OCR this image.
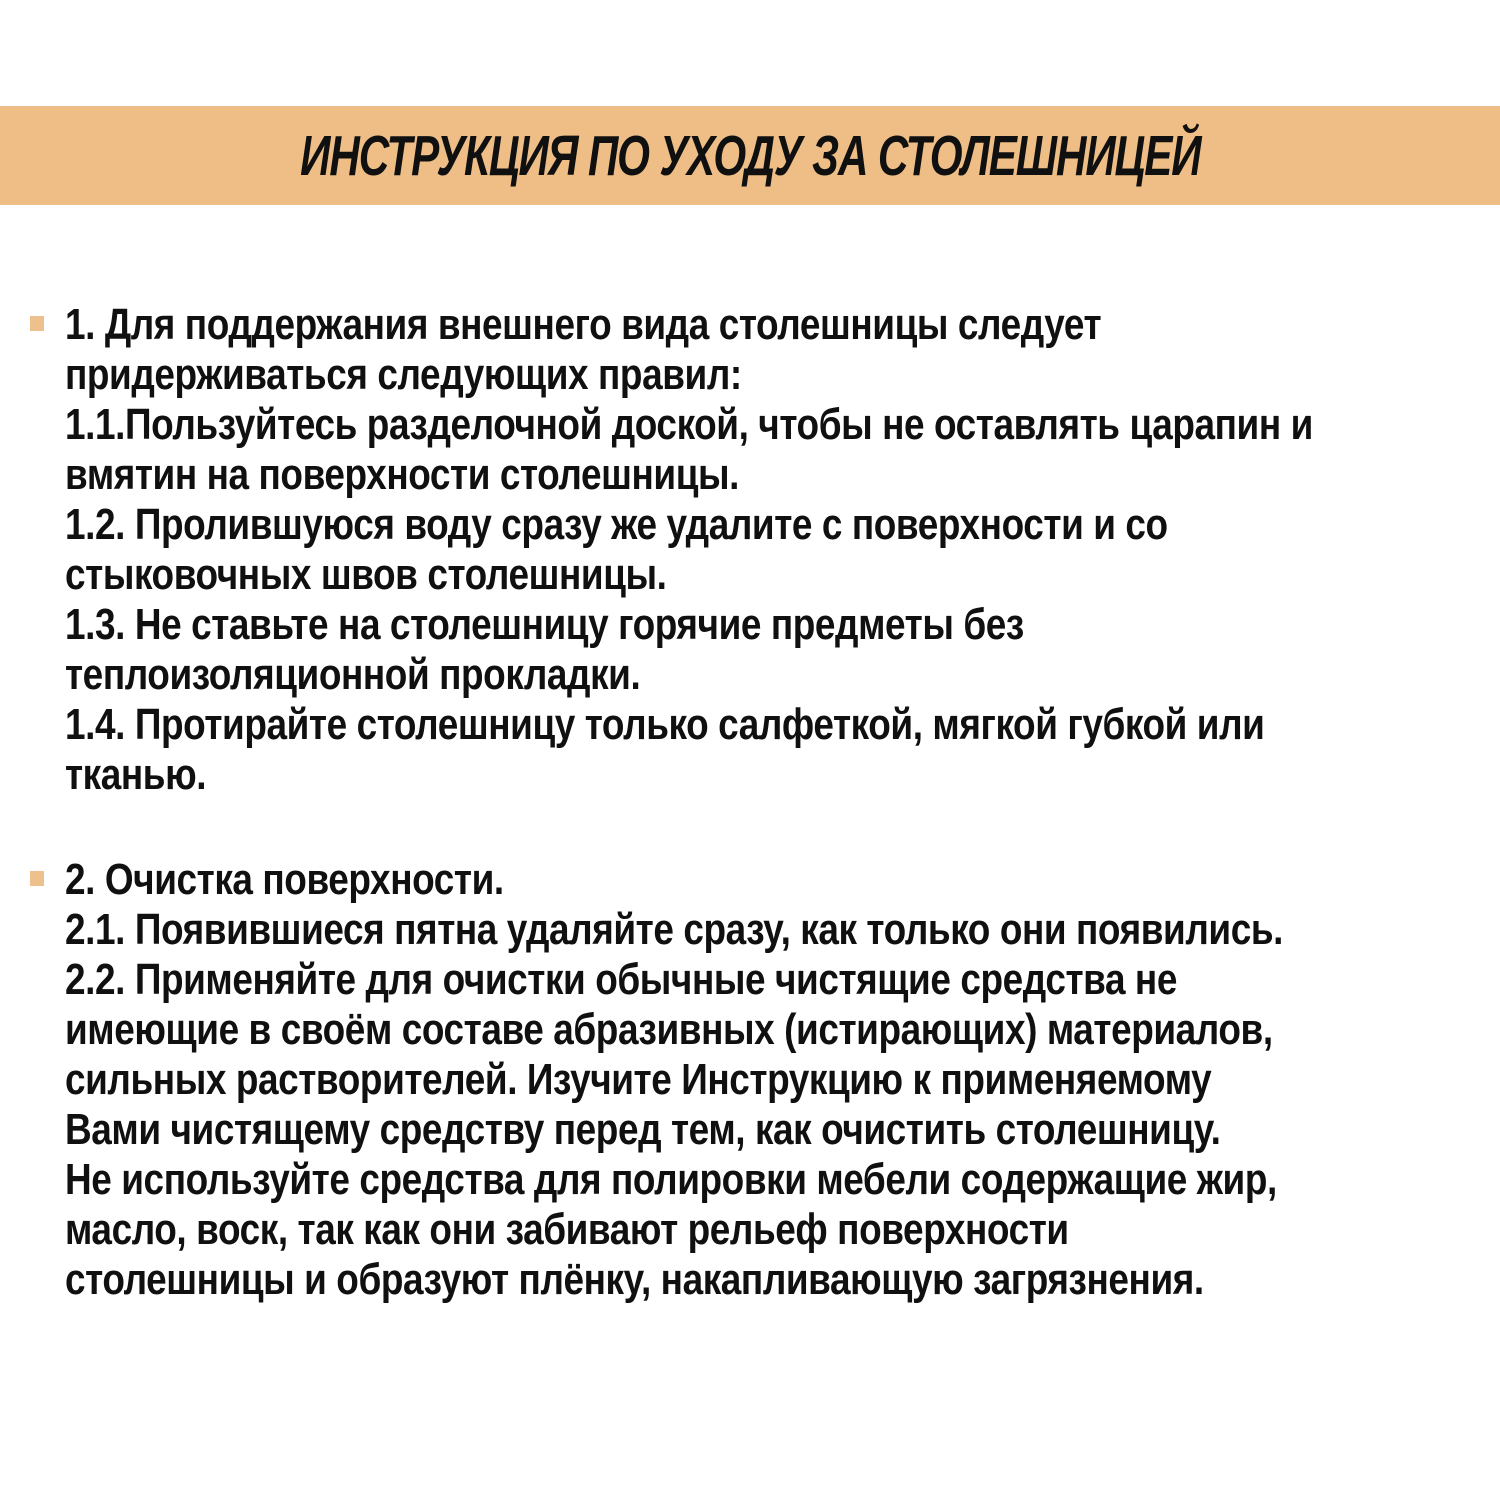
ИНСТРУКЦИЯ ПО УХОДУ ЗА СТОЛЕШНИЦЕЙ
1. Для поддержания внешнего вида столешницы следует
придерживаться следующих правил:
1.1.Пользуйтесь разделочной доской, чтобы не оставлять царапин и
вмятин на поверхности столешницы.
1.2. Пролившуюся воду сразу же удалите с поверхности и со
стыковочных швов столешницы.
1.3. Не ставьте на столешницу горячие предметы без
теплоизоляционной прокладки.
1.4. Протирайте столешницу только салфеткой, мягкой губкой или
тканью.
2. Очистка поверхности.
2.1. Появившиеся пятна удаляйте сразу, как только они появились.
2.2. Применяйте для очистки обычные чистящие средства не
имеющие в своём составе абразивных (истирающих) материалов,
сильных растворителей. Изучите Инструкцию к применяемому
Вами чистящему средству перед тем, как очистить столешницу.
Не используйте средства для полировки мебели содержащие жир,
масло, воск, так как они забивают рельеф поверхности
столешницы и образуют плёнку, накапливающую загрязнения.
